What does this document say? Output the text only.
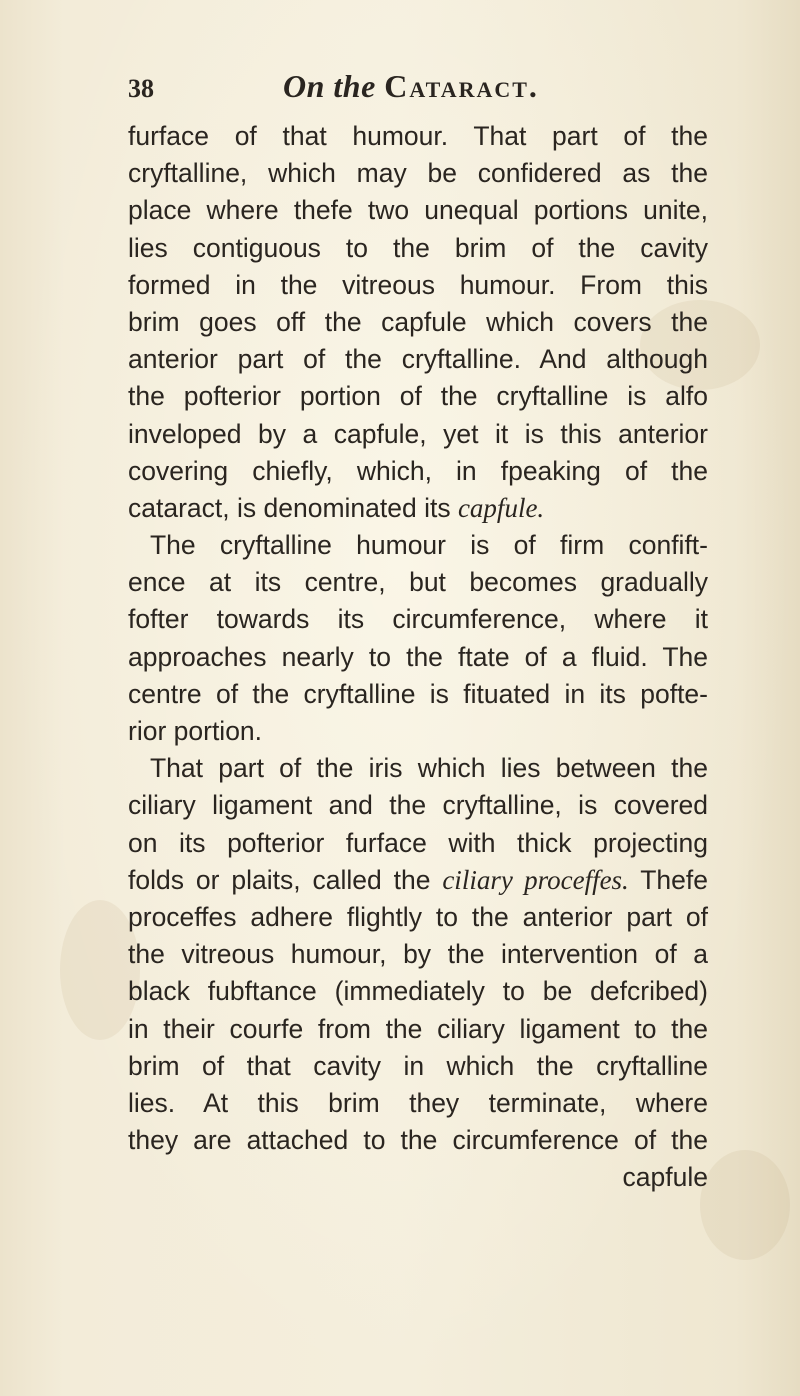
38	On the Cataract.
furface of that humour. That part of the
cryftalline, which may be confidered as the
place where thefe two unequal portions unite,
lies contiguous to the brim of the cavity
formed in the vitreous humour. From this
brim goes off the capfule which covers the
anterior part of the cryftalline. And although
the pofterior portion of the cryftalline is alfo
inveloped by a capfule, yet it is this anterior
covering chiefly, which, in fpeaking of the
cataract, is denominated its capfule.
The cryftalline humour is of firm confift-
ence at its centre, but becomes gradually
fofter towards its circumference, where it
approaches nearly to the ftate of a fluid. The
centre of the cryftalline is fituated in its pofte-
rior portion.
That part of the iris which lies between the
ciliary ligament and the cryftalline, is covered
on its pofterior furface with thick projecting
folds or plaits, called the ciliary proceffes. Thefe
proceffes adhere flightly to the anterior part of
the vitreous humour, by the intervention of a
black fubftance (immediately to be defcribed)
in their courfe from the ciliary ligament to the
brim of that cavity in which the cryftalline
lies. At this brim they terminate, where
they are attached to the circumference of the
capfule
